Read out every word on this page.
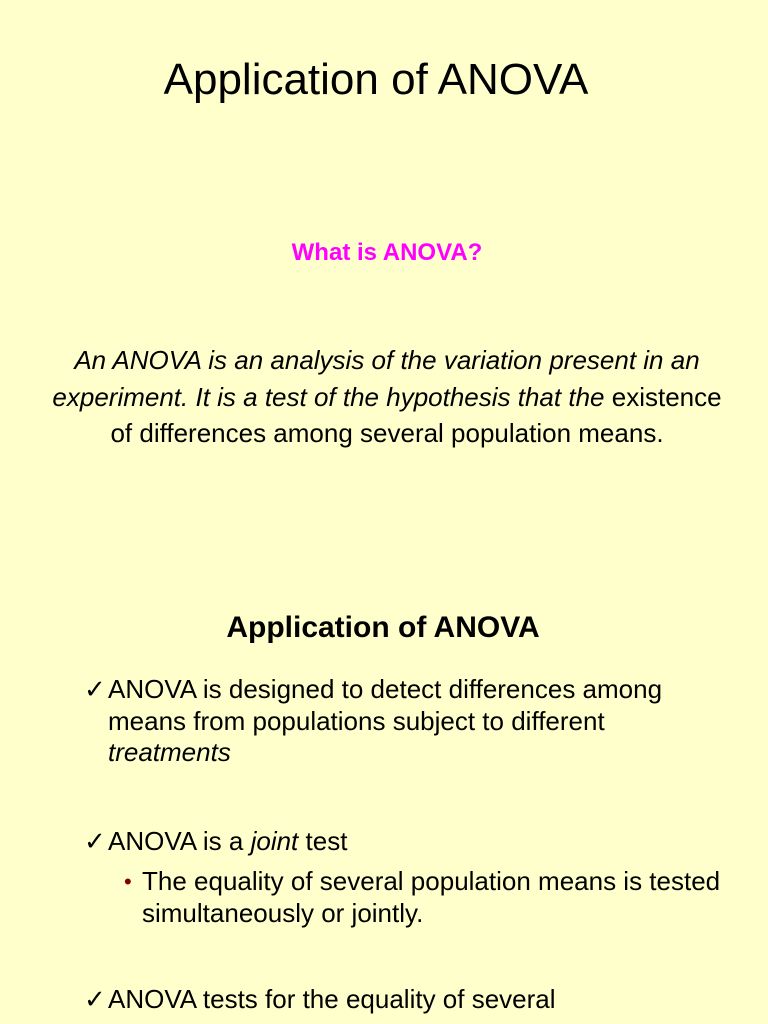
Application of ANOVA

What is ANOVA?

An ANOVA is an analysis of the variation present in an experiment. It is a test of the hypothesis that the existence of differences among several population means.

Application of ANOVA
✓ ANOVA is designed to detect differences among means from populations subject to different treatments
✓ ANOVA is a joint test
• The equality of several population means is tested simultaneously or jointly.
✓ ANOVA tests for the equality of several
